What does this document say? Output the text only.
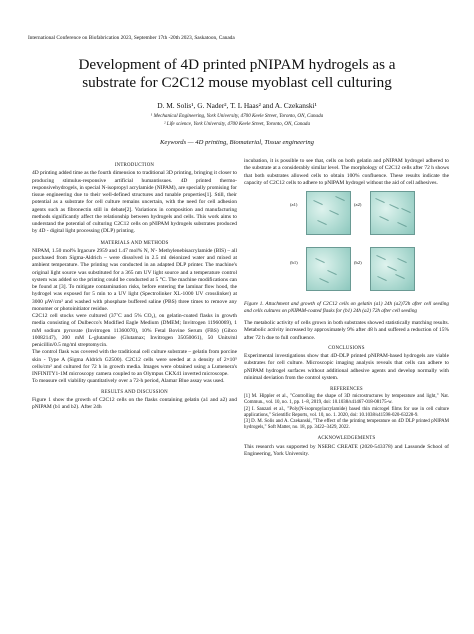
International Conference on Biofabrication 2023, September 17th -20th 2023, Saskatoon, Canada
Development of 4D printed pNIPAM hydrogels as a
substrate for C2C12 mouse myoblast cell culturing
D. M. Solis¹, G. Nader², T. L Haas² and A. Czekanski¹
¹ Mechanical Engineering, York University, 4700 Keele Street, Toronto, ON, Canada
² Life science, York University, 4700 Keele Street, Toronto, ON, Canada
Keywords — 4D printing, Biomaterial, Tissue engineering
INTRODUCTION

4D printing added time as the fourth dimension to traditional 3D printing, bringing it closer to producing stimulus-responsive artificial humantissues. 4D printed thermo-responsivehydrogels, in special N-isopropyl acrylamide (NIPAM), are specially promising for tissue engineering due to their well-defined structures and tunable properties[1]. Still, their potential as a substrate for cell culture remains uncertain, with the need for cell adhesion agents such as fibronectin still in debate[2]. Variations in composition and manufacturing methods significantly affect the relationship between hydrogels and cells. This work aims to understand the potential of culturing C2C12 cells on pNIPAM hydrogels substrates produced by 4D - digital light processing (DLP) printing.

MATERIALS AND METHODS

NIPAM, 1.50 mol% Irgacure 2959 and 1.47 mol% N, N'- Methylenebisacrylamide (BIS) – all purchased from Sigma-Aldrich – were dissolved in 2.5 ml deionized water and mixed at ambient temperature. The printing was conducted in an adapted DLP printer. The machine's original light source was substituted for a 365 nm UV light source and a temperature control system was added so the printing could be conducted at 5 °C. The machine modifications can be found at [3]. To mitigate contamination risks, before entering the laminar flow hood, the hydrogel was exposed for 5 min to a UV light (Spectrolinker XL-1000 UV crosslinker) at 3000 µW/cm² and washed with phosphate buffered saline (PBS) three times to remove any monomer or photoinitiator residue.

C2C12 cell stocks were cultured (37˚C and 5% CO₂), on gelatin-coated flasks in growth media consisting of Dulbecco's Modified Eagle Medium (DMEM; Invitrogen 11960069), 1 mM sodium pyruvate (Invitrogen 11360070), 10% Fetal Bovine Serum (FBS) (Gibco 10082147), 200 mM L-glutamine (Glutamax; Invitrogen 35050061), 50 Units/ml penicillin/0.5 mg/ml streptomycin.

The control flask was covered with the traditional cell culture substrate – gelatin from porcine skin - Type A (Sigma Aldrich G2500). C2C12 cells were seeded at a density of 2×10⁵ cells/cm² and cultured for 72 h in growth media. Images were obtained using a Lumenera's INFINITY1-1M microscopy camera coupled to an Olympus CKX41 inverted microscope.

To measure cell viability quantitatively over a 72-h period, Alamar Blue assay was used.

RESULTS AND DISCUSSION

Figure 1 show the growth of C2C12 cells on the flasks containing gelatin (a1 and a2) and pNIPAM (b1 and b2). After 24h

incubation, it is possible to see that, cells on both gelatin and pNIPAM hydrogel adhered to the substrate at a considerably similar level. The morphology of C2C12 cells after 72 h shows that both substrates allowed cells to obtain 100% confluence. These results indicate the capacity of C2C12 cells to adhere to pNIPAM hydrogel without the aid of cell adhesives.

(a1)	(a2)
(b1)	(b2)

Figure 1. Attachment and growth of C2C12 cells on gelatin (a1) 24h (a2)72h after cell seeding and cells cultures on pNIPAM-coated flasks for (b1) 24h (a2) 72h after cell seeding

The metabolic activity of cells grown in both substrates showed statistically matching results. Metabolic activity increased by approximately 9% after 48 h and suffered a reduction of 15% after 72 h due to full confluence.

CONCLUSIONS

Experimental investigations show that 4D-DLP printed pNIPAM-based hydrogels are viable substrates for cell culture. Microscopic imaging analysis reveals that cells can adhere to pNIPAM hydrogel surfaces without additional adhesive agents and develop normally with minimal deviation from the control system.

REFERENCES

[1] M. Hippler et al., "Controlling the shape of 3D microstructures by temperature and light," Nat. Commun., vol. 10, no. 1, pp. 1–8, 2019, doi: 10.1038/s41467-018-08175-w.

[2] I. Sanzari et al., "Poly(N-isopropylacrylamide) based thin microgel films for use in cell culture applications," Scientific Reports, vol. 10, no. 1. 2020, doi: 10.1038/s41598-020-63228-9.

[3] D. M. Solis and A. Czekanski, "The effect of the printing temperature on 4D DLP printed pNIPAM hydrogels," Soft Matter, no. 18, pp. 3422–3429, 2022.

ACKNOWLEDGEMENTS

This research was supported by NSERC CREATE (2020-543378) and Lassonde School of Engineering, York University.
